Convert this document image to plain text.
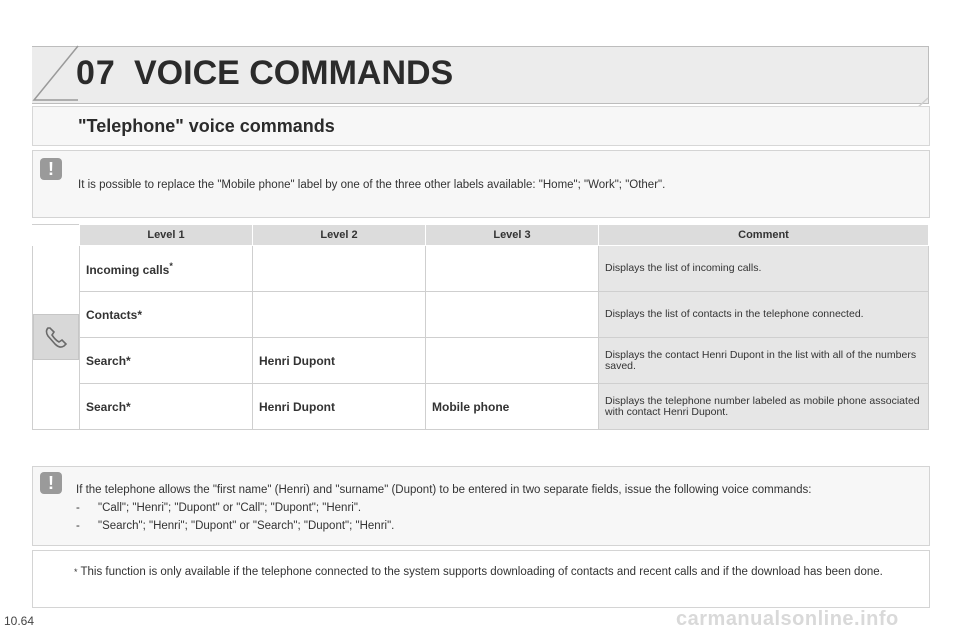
07 VOICE COMMANDS
"Telephone" voice commands
!
It is possible to replace the "Mobile phone" label by one of the three other labels available: "Home"; "Work"; "Other".
	Level 1	Level 2	Level 3	Comment
	Incoming calls*			Displays the list of incoming calls.
	Contacts*			Displays the list of contacts in the telephone connected.
	Search*	Henri Dupont		Displays the contact Henri Dupont in the list with all of the numbers saved.
	Search*	Henri Dupont	Mobile phone	Displays the telephone number labeled as mobile phone associated with contact Henri Dupont.
!	If the telephone allows the "first name" (Henri) and "surname" (Dupont) to be entered in two separate fields, issue the following voice commands:
- "Call"; "Henri"; "Dupont" or "Call"; "Dupont"; "Henri".
- "Search"; "Henri"; "Dupont" or "Search"; "Dupont"; "Henri".
* This function is only available if the telephone connected to the system supports downloading of contacts and recent calls and if the download has been done.
10.64	carmanualsonline.info
